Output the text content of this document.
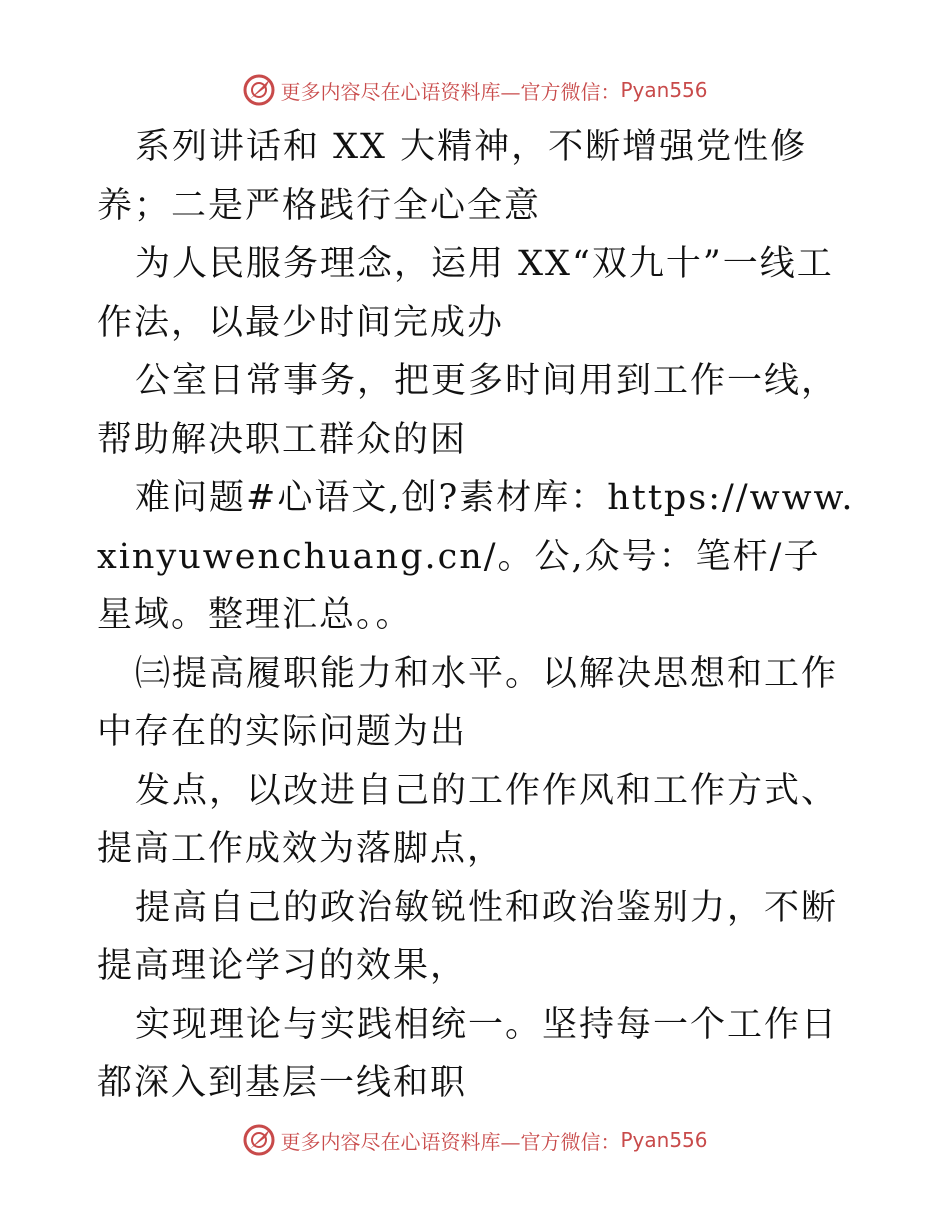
更多内容尽在心语资料库—官方微信： Pyan556

系列讲话和 XX 大精神，不断增强党性修养；二是严格践行全心全意

为人民服务理念，运用 XX“双九十”一线工作法，以最少时间完成办

公室日常事务，把更多时间用到工作一线，帮助解决职工群众的困

难问题#心语文,创?素材库：https://www.xinyuwenchuang.cn/。公,众号：笔杆/子星域。整理汇总。。

㈢提高履职能力和水平。以解决思想和工作中存在的实际问题为出

发点，以改进自己的工作作风和工作方式、提高工作成效为落脚点，

提高自己的政治敏锐性和政治鉴别力，不断提高理论学习的效果，

实现理论与实践相统一。坚持每一个工作日都深入到基层一线和职

更多内容尽在心语资料库—官方微信： Pyan556
